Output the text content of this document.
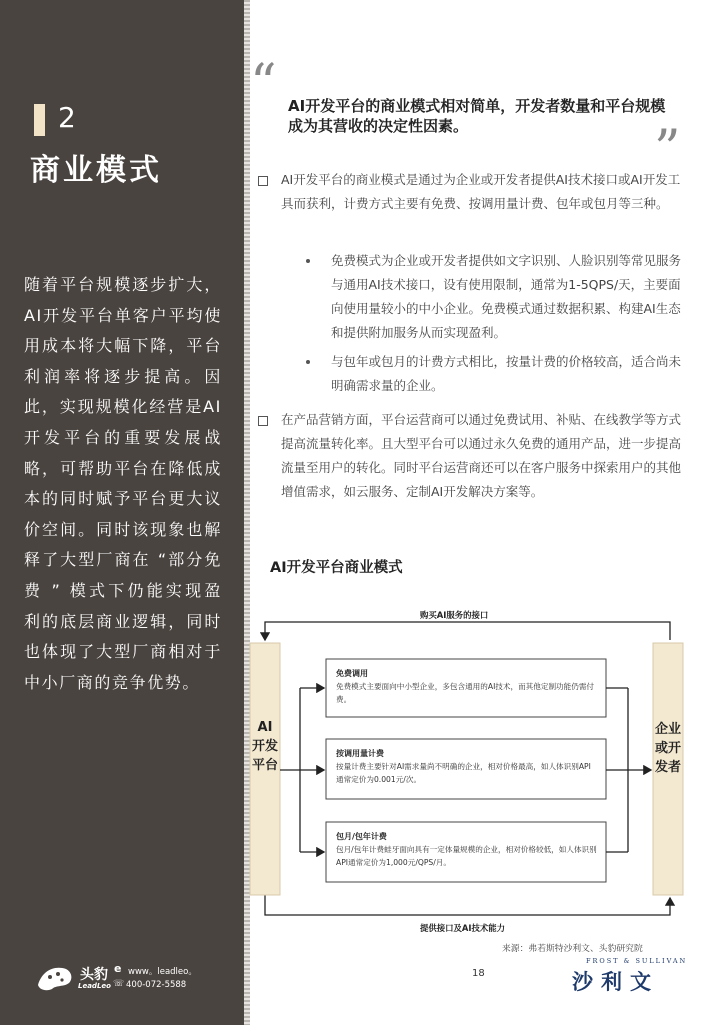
2
商业模式
随着平台规模逐步扩大，AI开发平台单客户平均使用成本将大幅下降，平台利润率将逐步提高。因此，实现规模化经营是AI开发平台的重要发展战略，可帮助平台在降低成本的同时赋予平台更大议价空间。同时该现象也解释了大型厂商在 “部分免费 ” 模式下仍能实现盈利的底层商业逻辑，同时也体现了大型厂商相对于中小厂商的竞争优势。
“ AI开发平台的商业模式相对简单，开发者数量和平台规模成为其营收的决定性因素。	”
AI开发平台的商业模式是通过为企业或开发者提供AI技术接口或AI开发工具而获利，计费方式主要有免费、按调用量计费、包年或包月等三种。
免费模式为企业或开发者提供如文字识别、人脸识别等常见服务与通用AI技术接口，设有使用限制，通常为1-5QPS/天，主要面向使用量较小的中小企业。免费模式通过数据积累、构建AI生态和提供附加服务从而实现盈利。
与包年或包月的计费方式相比，按量计费的价格较高，适合尚未明确需求量的企业。
在产品营销方面，平台运营商可以通过免费试用、补贴、在线教学等方式提高流量转化率。且大型平台可以通过永久免费的通用产品，进一步提高流量至用户的转化。同时平台运营商还可以在客户服务中探索用户的其他增值需求，如云服务、定制AI开发解决方案等。
AI开发平台商业模式
购买AI服务的接口
提供接口及AI技术能力
AI开发平台
企业或开发者
免费调用
免费模式主要面向中小型企业，多包含通用的AI技术，而其他定制功能仍需付费。
按调用量计费
按量计费主要针对AI需求量尚不明确的企业，相对价格最高，如人体识别API通常定价为0.001元/次。
包月/包年计费
包月/包年计费蛙牙面向具有一定体量规模的企业，相对价格较低，如人体识别API通常定价为1,000元/QPS/月。
来源：弗若斯特沙利文、头豹研究院
头豹
LeadLeo
e www。leadleo。
☏ 400-072-5588
18
FROST & SULLIVAN
沙利文
